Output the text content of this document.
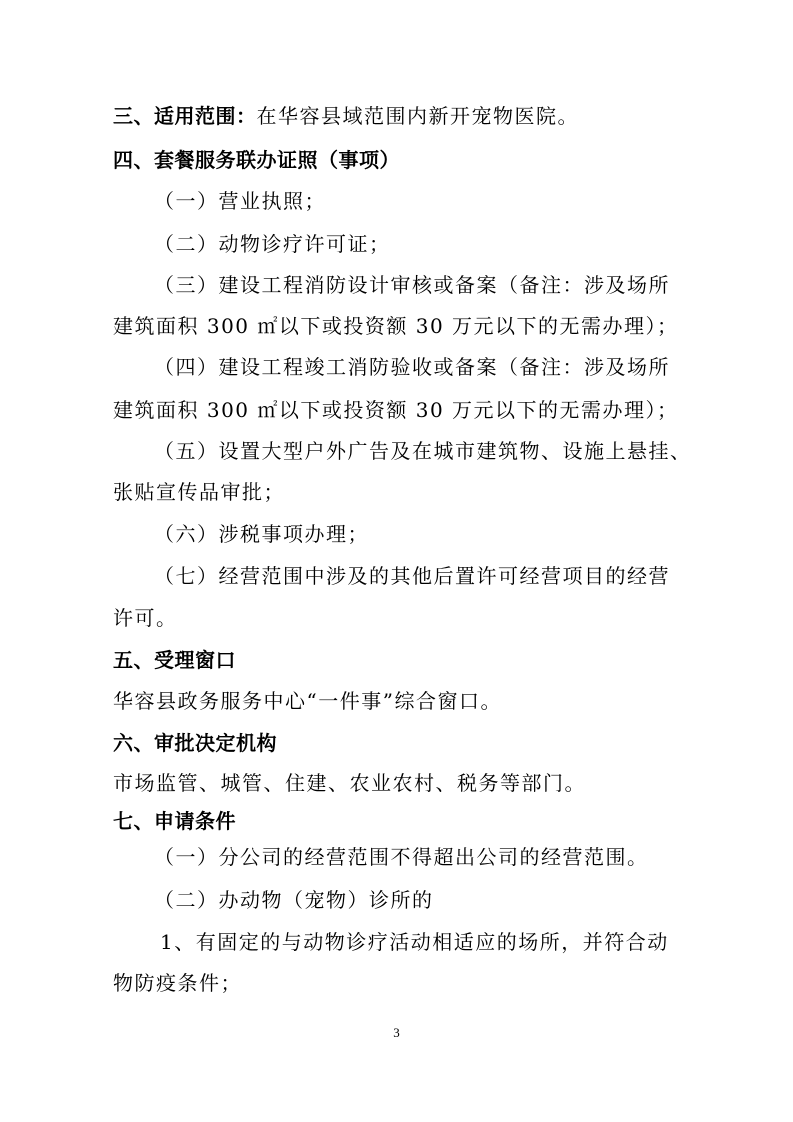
三、适用范围：在华容县域范围内新开宠物医院。
四、套餐服务联办证照（事项）
（一）营业执照；
（二）动物诊疗许可证；
（三）建设工程消防设计审核或备案（备注：涉及场所
建筑面积 300 ㎡以下或投资额 30 万元以下的无需办理）；
（四）建设工程竣工消防验收或备案（备注：涉及场所
建筑面积 300 ㎡以下或投资额 30 万元以下的无需办理）；
（五）设置大型户外广告及在城市建筑物、设施上悬挂、
张贴宣传品审批；
（六）涉税事项办理；
（七）经营范围中涉及的其他后置许可经营项目的经营
许可。
五、受理窗口
华容县政务服务中心“一件事”综合窗口。
六、审批决定机构
市场监管、城管、住建、农业农村、税务等部门。
七、申请条件
（一）分公司的经营范围不得超出公司的经营范围。
（二）办动物（宠物）诊所的
1、有固定的与动物诊疗活动相适应的场所，并符合动
物防疫条件；
3
